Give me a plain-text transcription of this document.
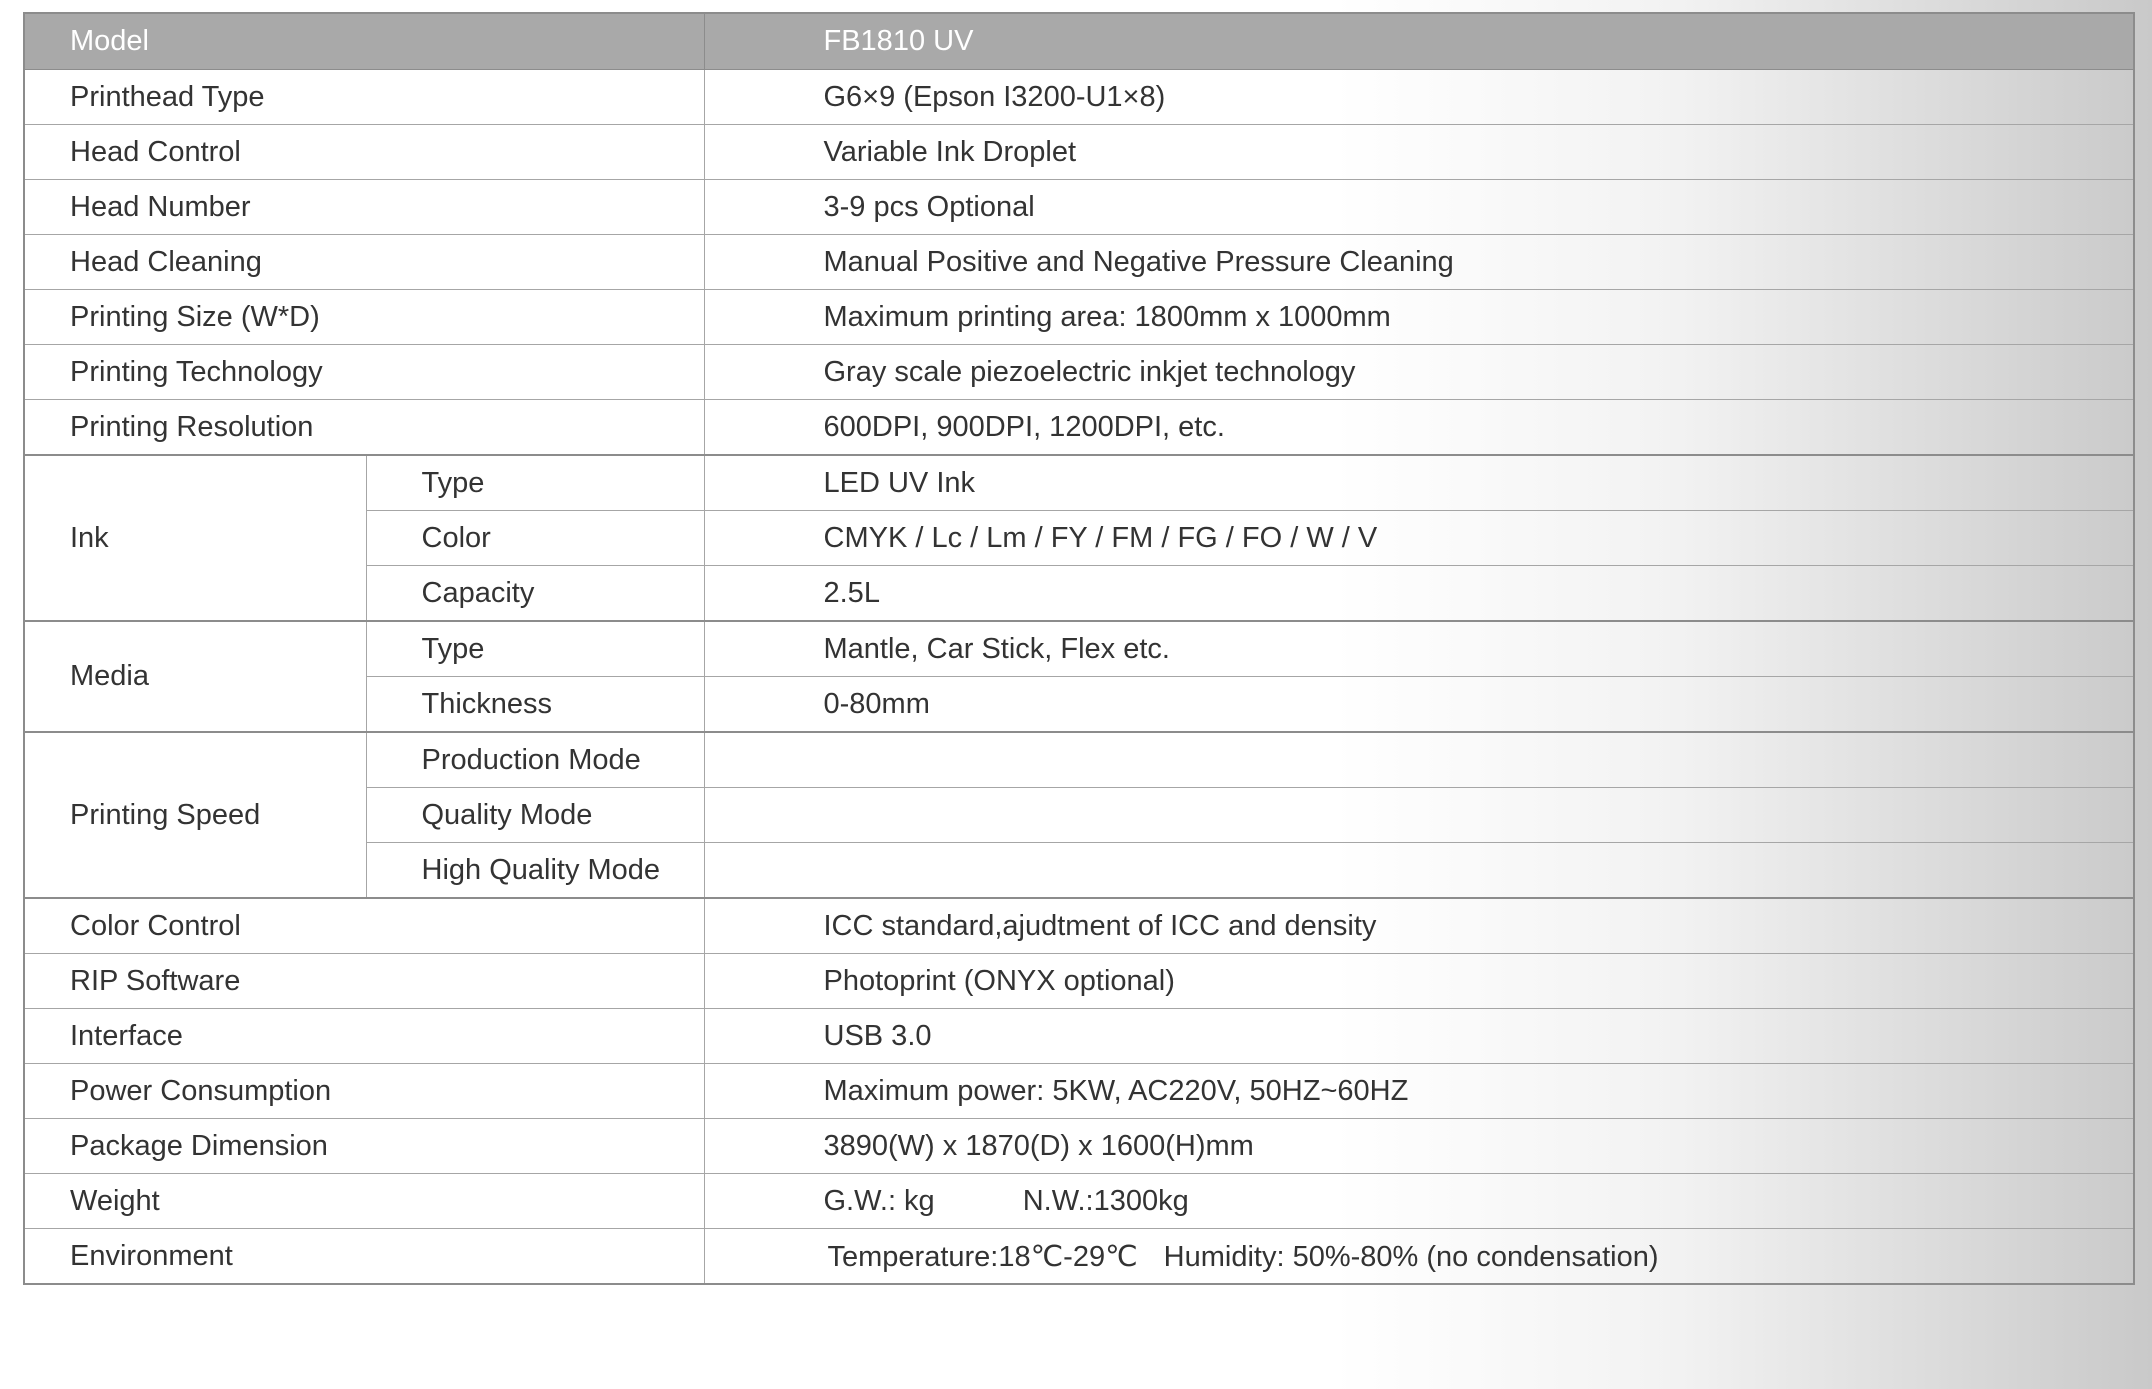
Model		FB1810 UV
Printhead Type		G6×9 (Epson I3200-U1×8)
Head Control		Variable Ink Droplet
Head Number		3-9 pcs Optional
Head Cleaning		Manual Positive and Negative Pressure Cleaning
Printing Size (W*D)		Maximum printing area: 1800mm x 1000mm
Printing Technology		Gray scale piezoelectric inkjet technology
Printing Resolution		600DPI, 900DPI, 1200DPI, etc.
Ink	Type	LED UV Ink
	Color	CMYK / Lc / Lm / FY / FM / FG / FO / W / V
	Capacity	2.5L
Media	Type	Mantle, Car Stick, Flex etc.
	Thickness	0-80mm
Printing Speed	Production Mode	
	Quality Mode	
	High Quality Mode	
Color Control		ICC standard,ajudtment of ICC and density
RIP Software		Photoprint (ONYX optional)
Interface		USB 3.0
Power Consumption		Maximum power: 5KW, AC220V, 50HZ~60HZ
Package Dimension		3890(W) x 1870(D) x 1600(H)mm
Weight		G.W.: kg N.W.:1300kg
Environment		Temperature:18℃-29℃ Humidity: 50%-80% (no condensation)
